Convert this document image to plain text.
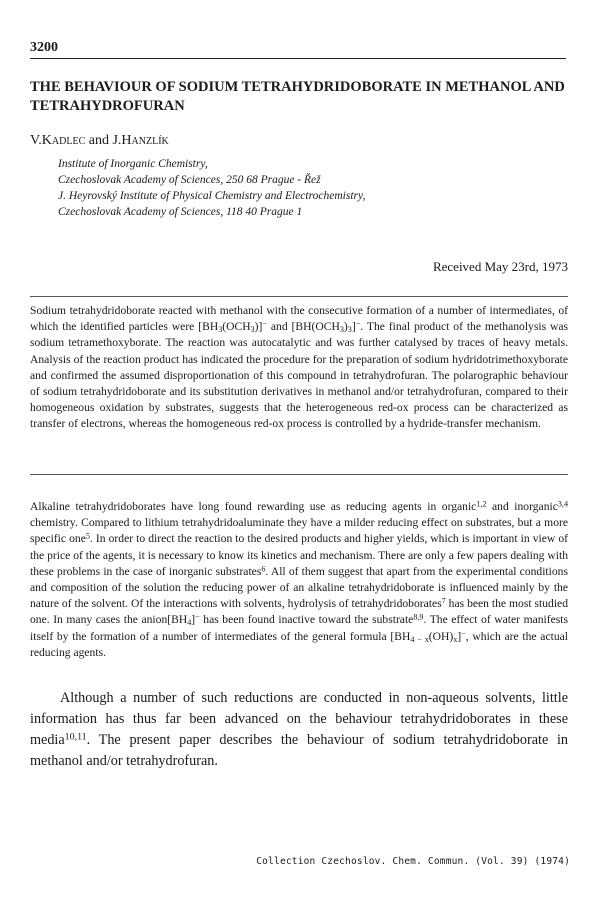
3200
THE BEHAVIOUR OF SODIUM TETRAHYDRIDOBORATE IN METHANOL AND TETRAHYDROFURAN
V.Kadlec and J.Hanzlík
Institute of Inorganic Chemistry,
Czechoslovak Academy of Sciences, 250 68 Prague - Řež
J. Heyrovský Institute of Physical Chemistry and Electrochemistry,
Czechoslovak Academy of Sciences, 118 40 Prague 1
Received May 23rd, 1973
Sodium tetrahydridoborate reacted with methanol with the consecutive formation of a number of intermediates, of which the identified particles were $[BH_3(OCH_3)]^-$ and $[BH(OCH_3)_3]^-$. The final product of the methanolysis was sodium tetramethoxyborate. The reaction was autocatalytic and was further catalysed by traces of heavy metals. Analysis of the reaction product has indicated the procedure for the preparation of sodium hydridotrimethoxyborate and confirmed the assumed disproportionation of this compound in tetrahydrofuran. The polarographic behaviour of sodium tetrahydridoborate and its substitution derivatives in methanol and/or tetrahydrofuran, compared to their homogeneous oxidation by substrates, suggests that the heterogeneous red-ox process can be characterized as transfer of electrons, whereas the homogeneous red-ox process is controlled by a hydride-transfer mechanism.
Alkaline tetrahydridoborates have long found rewarding use as reducing agents in organic$^{1,2}$ and inorganic$^{3,4}$ chemistry. Compared to lithium tetrahydridoaluminate they have a milder reducing effect on substrates, but a more specific one$^5$. In order to direct the reaction to the desired products and higher yields, which is important in view of the price of the agents, it is necessary to know its kinetics and mechanism. There are only a few papers dealing with these problems in the case of inorganic substrates$^6$. All of them suggest that apart from the experimental conditions and composition of the solution the reducing power of an alkaline tetrahydridoborate is influenced mainly by the nature of the solvent. Of the interactions with solvents, hydrolysis of tetrahydridoborates$^7$ has been the most studied one. In many cases the $anion[BH_4]^-$ has been found inactive toward the substrate$^{8,9}$. The effect of water manifests itself by the formation of a number of intermediates of the general formula $[BH_{4 - x}(OH)_x]^-$, which are the actual reducing agents.
Although a number of such reductions are conducted in non-aqueous solvents, little information has thus far been advanced on the behaviour tetrahydridoborates in these media$^{10,11}$. The present paper describes the behaviour of sodium tetrahydridoborate in methanol and/or tetrahydrofuran.
Collection Czechoslov. Chem. Commun. (Vol. 39) (1974)
